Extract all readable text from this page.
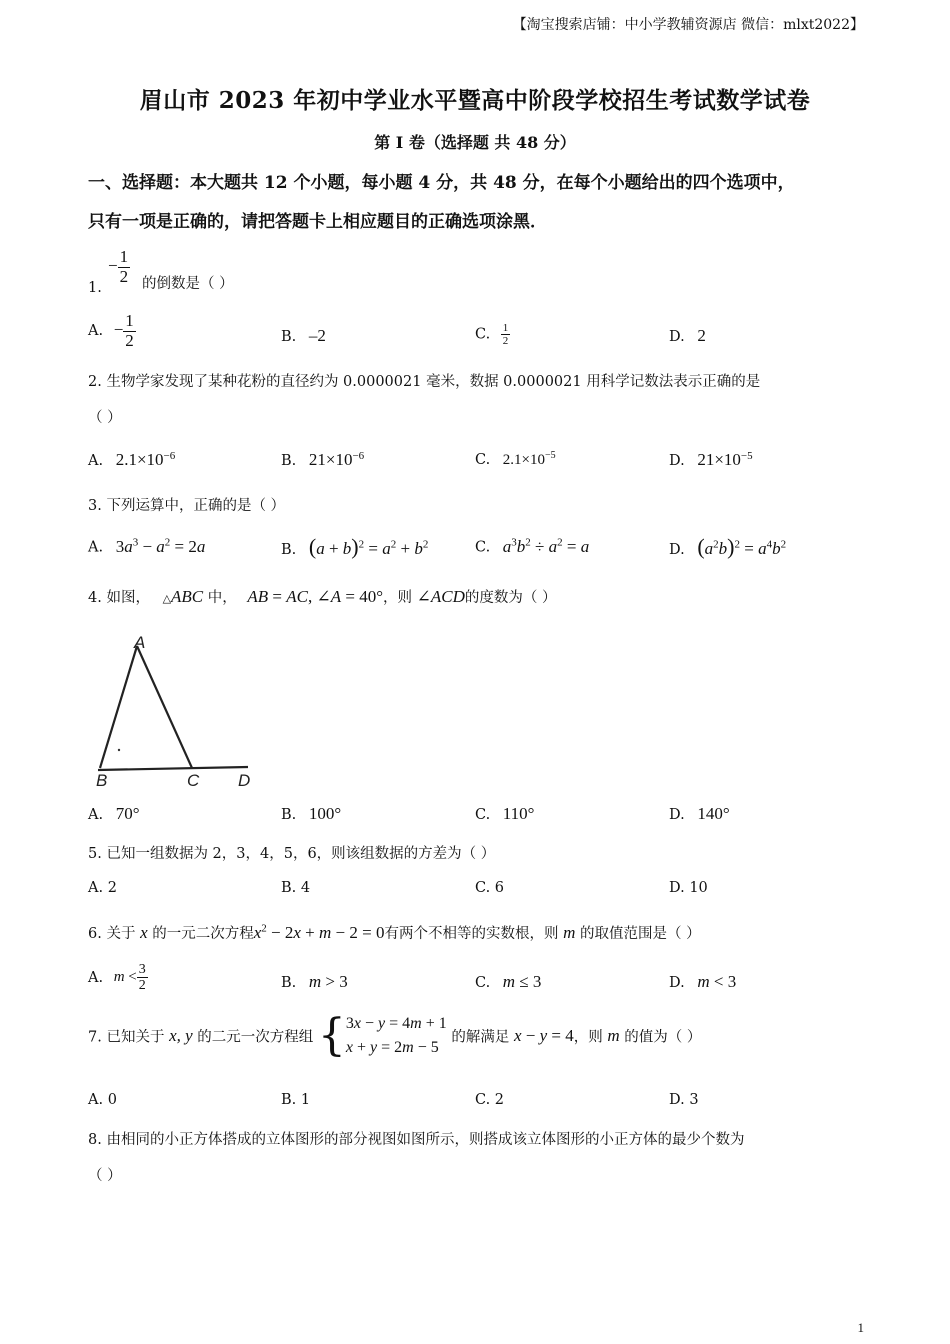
【淘宝搜索店铺：中小学教辅资源店 微信：mlxt2022】
眉山市 2023 年初中学业水平暨高中阶段学校招生考试数学试卷
第 I 卷（选择题 共 48 分）
一、选择题：本大题共 12 个小题，每小题 4 分，共 48 分，在每个小题给出的四个选项中，
只有一项是正确的，请把答题卡上相应题目的正确选项涂黑．
1.
− $\frac{1}{2}$ 的倒数是（ ）
A. − $\frac{1}{2}$	B. –2	C. $\frac{1}{2}$	D. 2
2. 生物学家发现了某种花粉的直径约为 0.0000021 毫米，数据 0.0000021 用科学记数法表示正确的是
（ ）
A. $2.1\times 10^{-6}$	B. $21\times 10^{-6}$	C. $2.1\times 10^{-5}$	D. $21\times 10^{-5}$
3. 下列运算中，正确的是（ ）
A. $3a^3 - a^2 = 2a$	B. $(a + b)^2 = a^2 + b^2$	C. $a^3b^2 \div a^2 = a$	D. $(a^2b)^2 = a^4b^2$
4. 如图， △ABC 中， AB = AC, ∠A = 40°，则 ∠ACD的度数为（ ）
A
B	C D
A. 70°	B. 100°	C. 110°	D. 140°
5. 已知一组数据为 2，3，4，5，6，则该组数据的方差为（ ）
A. 2	B. 4	C. 6	D. 10
6. 关于 x 的一元二次方程$x^2 - 2x + m - 2 = 0$有两个不相等的实数根，则 m 的取值范围是（ ）
A. $m < \frac{3}{2}$	B. m > 3	C. m ≤ 3	D. m < 3
7. 已知关于 x, y 的二元一次方程组 { 3x − y = 4m + 1
x + y = 2m − 5
的解满足 x − y = 4，则 m 的值为（ ）
A. 0	B. 1	C. 2	D. 3
8. 由相同的小正方体搭成的立体图形的部分视图如图所示，则搭成该立体图形的小正方体的最少个数为
（ ）
1
